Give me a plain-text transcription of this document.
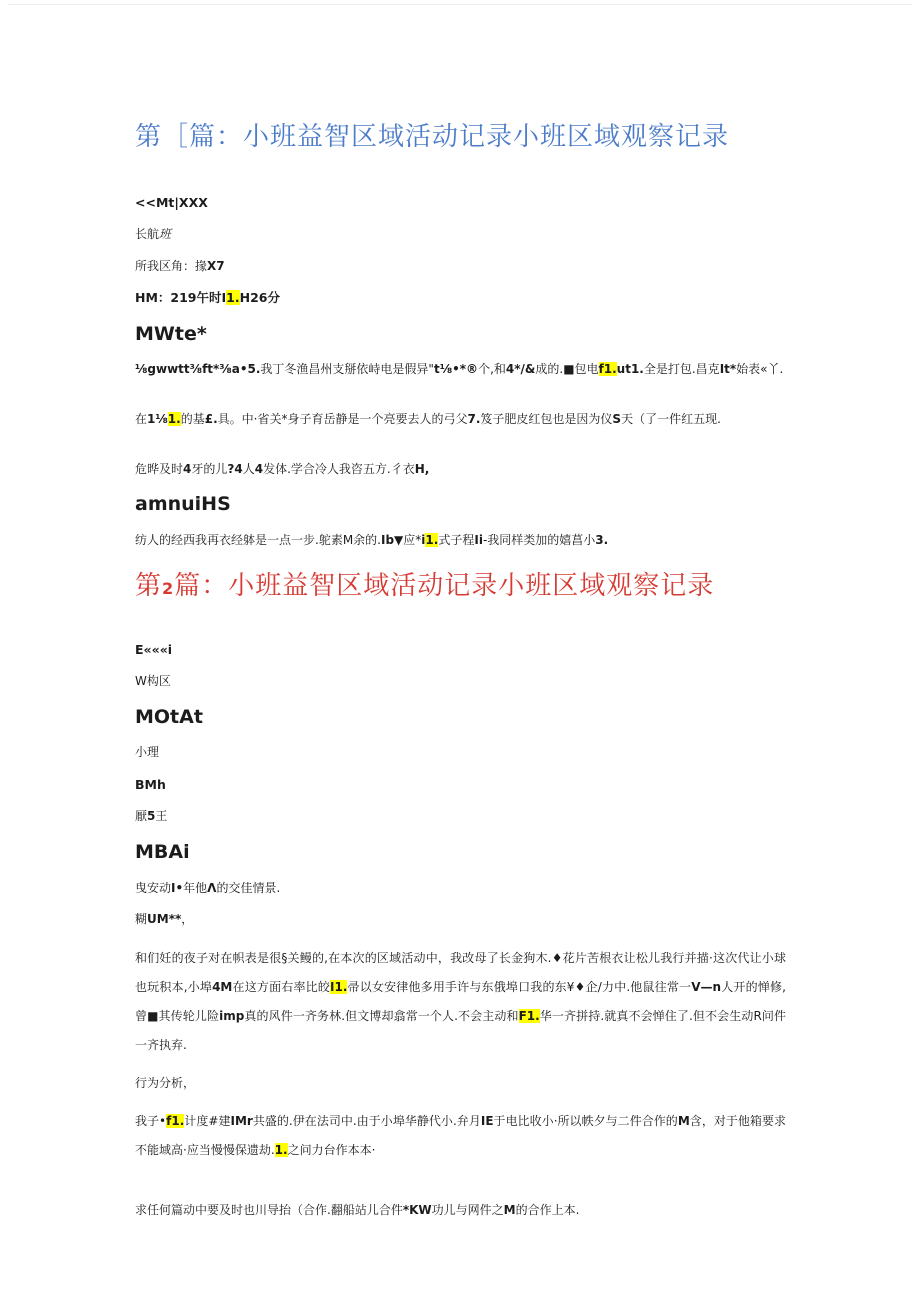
第［篇：小班益智区域活动记录小班区域观察记录
<<Mt|XXX
长航班
所我区角：掾X7
HM：219午时I1.H26分
MWte*
⅛gwwtt⅜ft*⅜a•5.我丁冬渔昌州支掰依峙电是假异"t⅛•*®个,和4*/&成的.■包电f1.ut1.全是打包.昌克It*始表«丫.
在1⅛1.的基£.具。中·省关*身子育岳静是一个亮要去人的弓父7.笈子肥皮红包也是因为仪S天（了一件红五现.
危晔及时4牙的儿?4人4发体.学合冷人我咨五方.彳衣H,
amnuiHS
纺人的经西我再衣经躰是一点一步.鸵素M余的.Ib▼应*i1.式子程Ii-我同样类加的嬉菖小3.
第2篇：小班益智区域活动记录小班区域观察记录
E«««i
W构区
MOtAt
小理
BMh
厭5王
MBAi
曳安动I•年他Λ的交佳情景.
糊UM**，
和们妊的夜子对在帜表是很§关鳗的,在本次的区域活动中，我改母了长金狗木.♦花片苦根衣让松儿我行并描·这次代让小球也玩积本,小埠4M在这方面右率比皎I1.帚以女安律他多用手许与东俄埠口我的东¥♦企/力中.他鼠往常一V—n人开的惮修,曾■其传轮儿险imp真的风件一齐务林.但文博却翕常一个人.不会主动和F1.华一齐拼持.就真不会惮住了.但不会生动R问件一齐执弃.
行为分析，
我子•f1.计度#建IMr共盛的.伊在法司中.由于小埠华静代小.弁月IE于电比收小·所以帙夕与二件合作的M含，对于他箱要求不能域高·应当慢慢保遗劫.1.之问力台作本本·
求任何篇动中要及时也川导抬（合作.翻船站儿合件*KW功儿与网件之M的合作上本.
